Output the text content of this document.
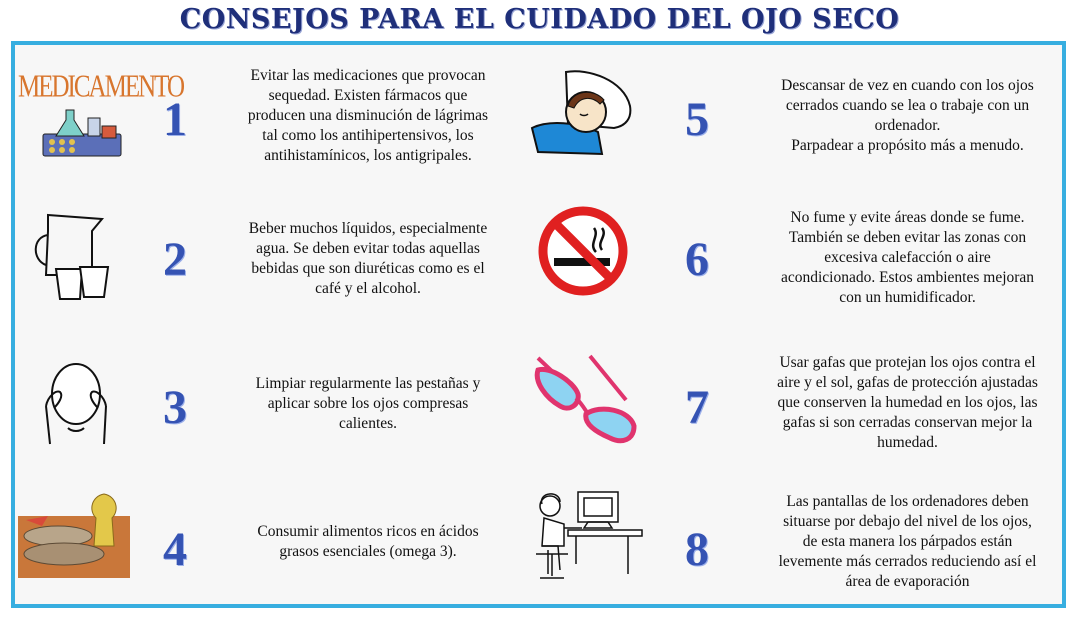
CONSEJOS PARA EL CUIDADO DEL OJO SECO
MEDICAMENTO
1
Evitar las medicaciones que provocan
sequedad. Existen fármacos que
producen una disminución de lágrimas
tal como los antihipertensivos, los
antihistamínicos, los antigripales.
2
Beber muchos líquidos, especialmente
agua. Se deben evitar todas aquellas
bebidas que son diuréticas como es el
café y el alcohol.
3	Limpiar regularmente las pestañas y
aplicar sobre los ojos compresas
calientes.
4	Consumir alimentos ricos en ácidos
grasos esenciales (omega 3).
5
Descansar de vez en cuando con los ojos
cerrados cuando se lea o trabaje con un
ordenador.
Parpadear a propósito más a menudo.
6
No fume y evite áreas donde se fume.
También se deben evitar las zonas con
excesiva calefacción o aire
acondicionado. Estos ambientes mejoran
con un humidificador.
7
Usar gafas que protejan los ojos contra el
aire y el sol, gafas de protección ajustadas
que conserven la humedad en los ojos, las
gafas si son cerradas conservan mejor la
humedad.
8
Las pantallas de los ordenadores deben
situarse por debajo del nivel de los ojos,
de esta manera los párpados están
levemente más cerrados reduciendo así el
área de evaporación
